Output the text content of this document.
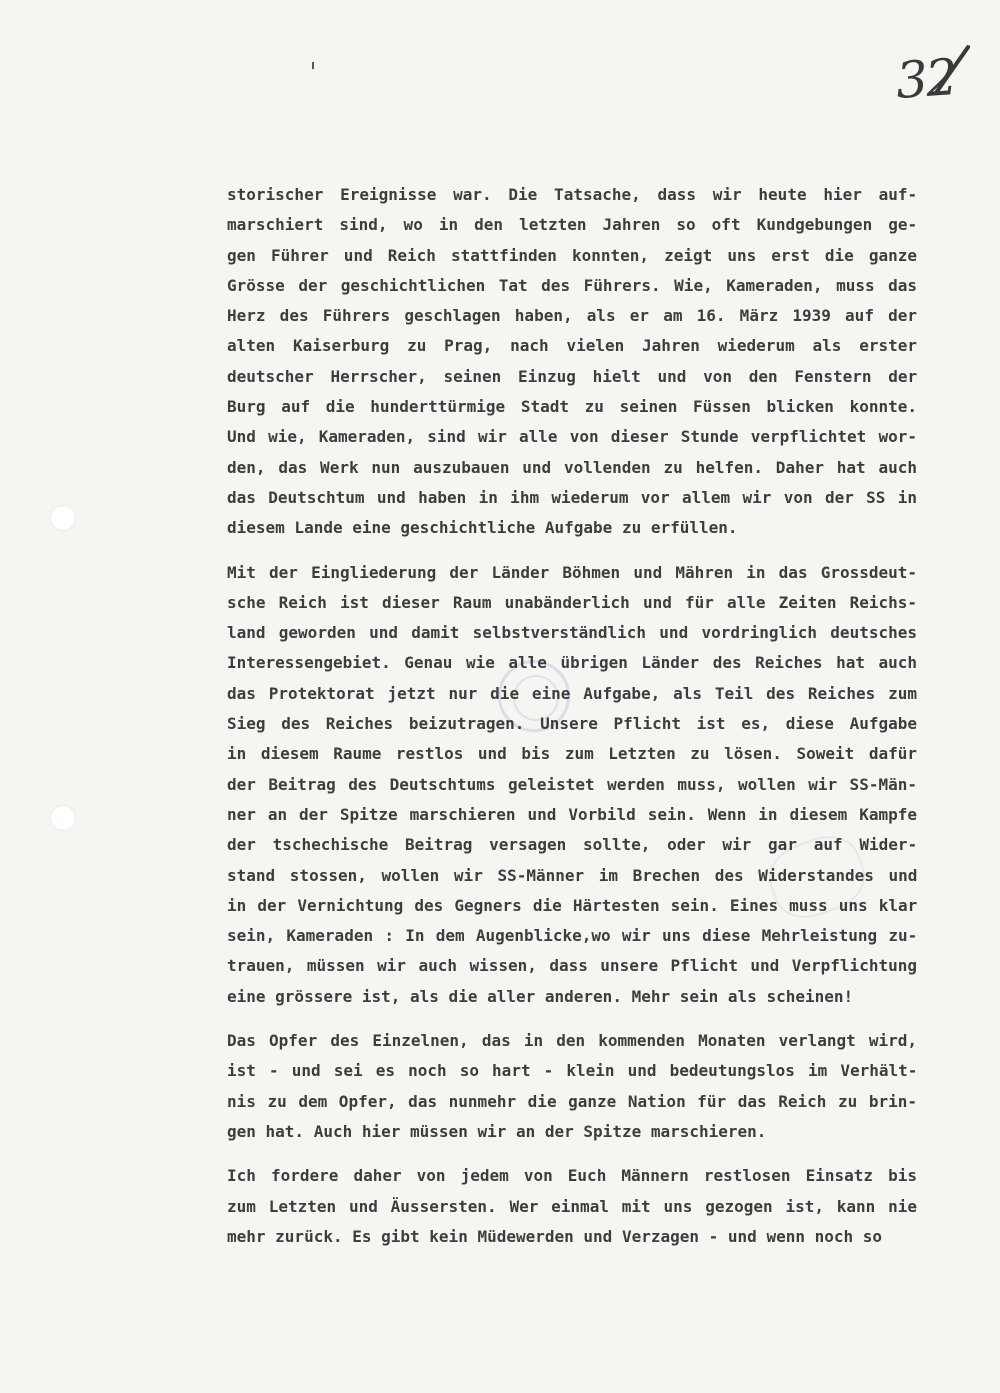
32
storischer Ereignisse war. Die Tatsache, dass wir heute hier auf-
marschiert sind, wo in den letzten Jahren so oft Kundgebungen ge-
gen Führer und Reich stattfinden konnten, zeigt uns erst die ganze
Grösse der geschichtlichen Tat des Führers. Wie, Kameraden, muss das
Herz des Führers geschlagen haben, als er am 16. März 1939 auf der
alten Kaiserburg zu Prag, nach vielen Jahren wiederum als erster
deutscher Herrscher, seinen Einzug hielt und von den Fenstern der
Burg auf die hunderttürmige Stadt zu seinen Füssen blicken konnte.
Und wie, Kameraden, sind wir alle von dieser Stunde verpflichtet wor-
den, das Werk nun auszubauen und vollenden zu helfen. Daher hat auch
das Deutschtum und haben in ihm wiederum vor allem wir von der SS in
diesem Lande eine geschichtliche Aufgabe zu erfüllen.
Mit der Eingliederung der Länder Böhmen und Mähren in das Grossdeut-
sche Reich ist dieser Raum unabänderlich und für alle Zeiten Reichs-
land geworden und damit selbstverständlich und vordringlich deutsches
Interessengebiet. Genau wie alle übrigen Länder des Reiches hat auch
das Protektorat jetzt nur die eine Aufgabe, als Teil des Reiches zum
Sieg des Reiches beizutragen. Unsere Pflicht ist es, diese Aufgabe
in diesem Raume restlos und bis zum Letzten zu lösen. Soweit dafür
der Beitrag des Deutschtums geleistet werden muss, wollen wir SS-Män-
ner an der Spitze marschieren und Vorbild sein. Wenn in diesem Kampfe
der tschechische Beitrag versagen sollte, oder wir gar auf Wider-
stand stossen, wollen wir SS-Männer im Brechen des Widerstandes und
in der Vernichtung des Gegners die Härtesten sein. Eines muss uns klar
sein, Kameraden : In dem Augenblicke,wo wir uns diese Mehrleistung zu-
trauen, müssen wir auch wissen, dass unsere Pflicht und Verpflichtung
eine grössere ist, als die aller anderen. Mehr sein als scheinen!
Das Opfer des Einzelnen, das in den kommenden Monaten verlangt wird,
ist - und sei es noch so hart - klein und bedeutungslos im Verhält-
nis zu dem Opfer, das nunmehr die ganze Nation für das Reich zu brin-
gen hat. Auch hier müssen wir an der Spitze marschieren.
Ich fordere daher von jedem von Euch Männern restlosen Einsatz bis
zum Letzten und Äussersten. Wer einmal mit uns gezogen ist, kann nie
mehr zurück. Es gibt kein Müdewerden und Verzagen - und wenn noch so
